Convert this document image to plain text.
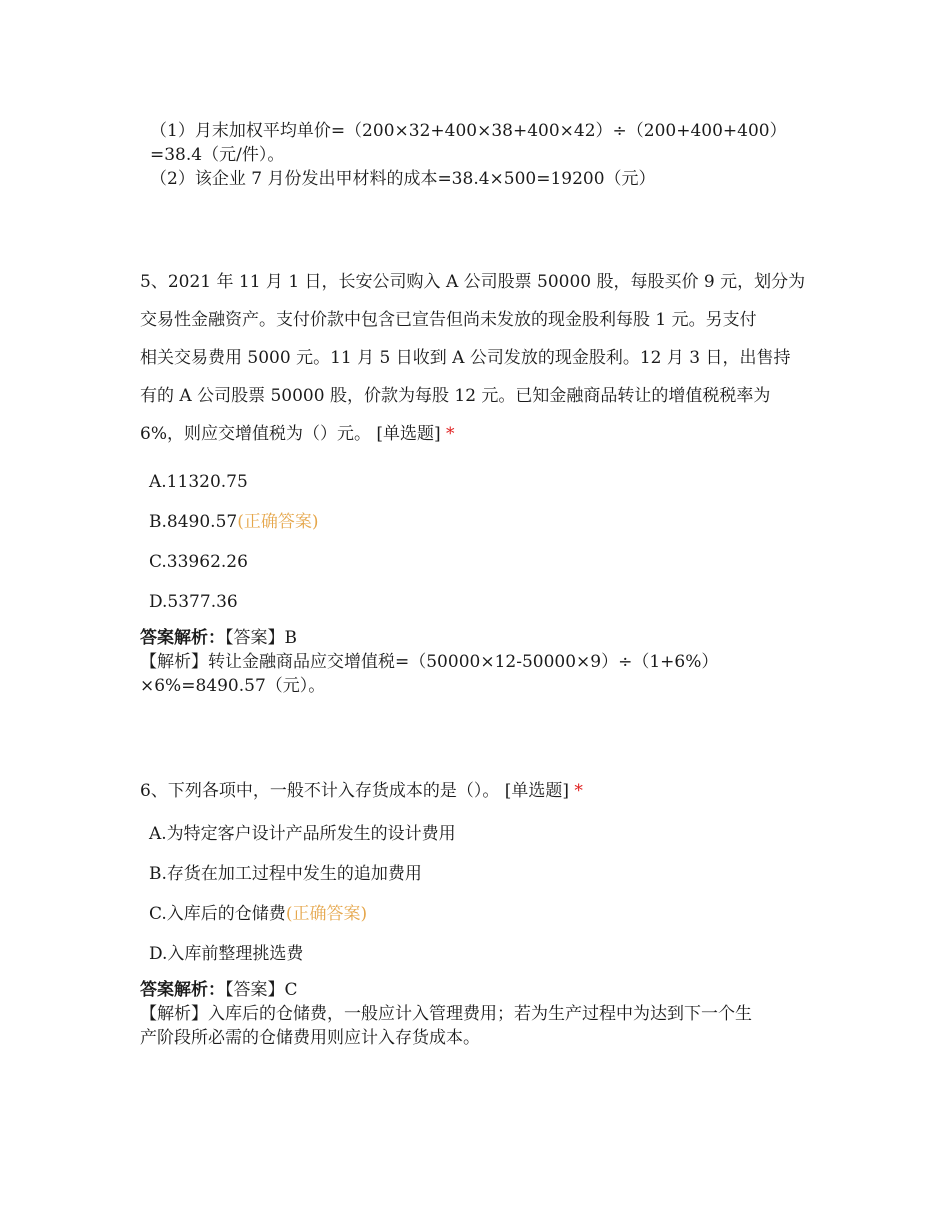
（1）月末加权平均单价=（200×32+400×38+400×42）÷（200+400+400）=38.4（元/件）。

（2）该企业 7 月份发出甲材料的成本=38.4×500=19200（元）

5、2021 年 11 月 1 日，长安公司购入 A 公司股票 50000 股，每股买价 9 元，划分为

交易性金融资产。支付价款中包含已宣告但尚未发放的现金股利每股 1 元。另支付

相关交易费用 5000 元。11 月 5 日收到 A 公司发放的现金股利。12 月 3 日，出售持

有的 A 公司股票 50000 股，价款为每股 12 元。已知金融商品转让的增值税税率为

6%，则应交增值税为（）元。 [单选题] *

A.11320.75
B.8490.57(正确答案)
C.33962.26
D.5377.36

答案解析：【答案】B

【解析】转让金融商品应交增值税=（50000×12-50000×9）÷（1+6%）

×6%=8490.57（元）。

6、下列各项中，一般不计入存货成本的是（）。 [单选题] *

A.为特定客户设计产品所发生的设计费用
B.存货在加工过程中发生的追加费用
C.入库后的仓储费(正确答案)
D.入库前整理挑选费

答案解析：【答案】C

【解析】入库后的仓储费，一般应计入管理费用；若为生产过程中为达到下一个生

产阶段所必需的仓储费用则应计入存货成本。
